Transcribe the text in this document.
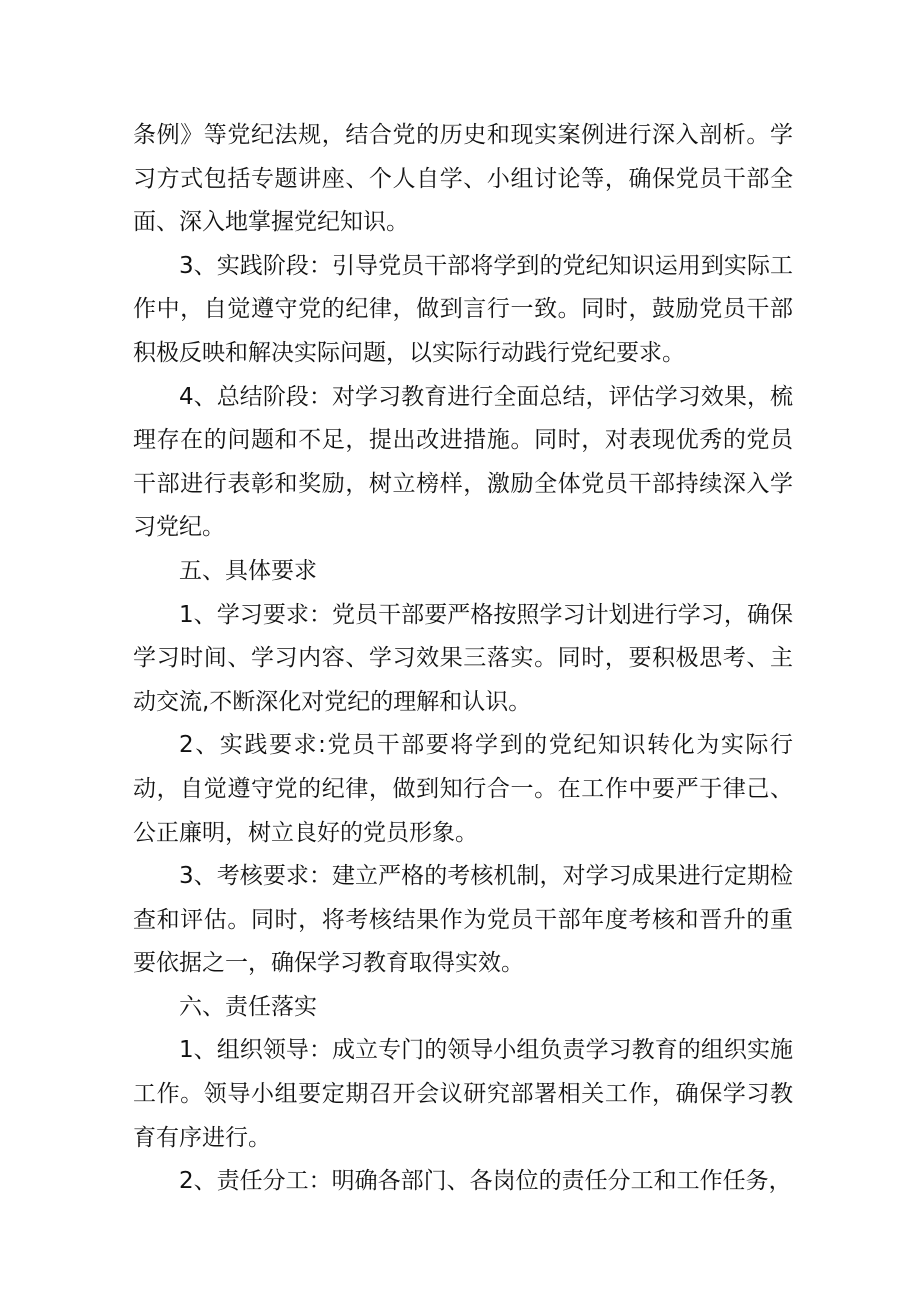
条例》等党纪法规，结合党的历史和现实案例进行深入剖析。学习方式包括专题讲座、个人自学、小组讨论等，确保党员干部全面、深入地掌握党纪知识。

3、实践阶段：引导党员干部将学到的党纪知识运用到实际工作中，自觉遵守党的纪律，做到言行一致。同时，鼓励党员干部积极反映和解决实际问题，以实际行动践行党纪要求。

4、总结阶段：对学习教育进行全面总结，评估学习效果，梳理存在的问题和不足，提出改进措施。同时，对表现优秀的党员干部进行表彰和奖励，树立榜样，激励全体党员干部持续深入学习党纪。

五、具体要求

1、学习要求：党员干部要严格按照学习计划进行学习，确保学习时间、学习内容、学习效果三落实。同时，要积极思考、主动交流,不断深化对党纪的理解和认识。

2、实践要求:党员干部要将学到的党纪知识转化为实际行动，自觉遵守党的纪律，做到知行合一。在工作中要严于律己、公正廉明，树立良好的党员形象。

3、考核要求：建立严格的考核机制，对学习成果进行定期检查和评估。同时，将考核结果作为党员干部年度考核和晋升的重要依据之一，确保学习教育取得实效。

六、责任落实

1、组织领导：成立专门的领导小组负责学习教育的组织实施工作。领导小组要定期召开会议研究部署相关工作，确保学习教育有序进行。

2、责任分工：明确各部门、各岗位的责任分工和工作任务，
